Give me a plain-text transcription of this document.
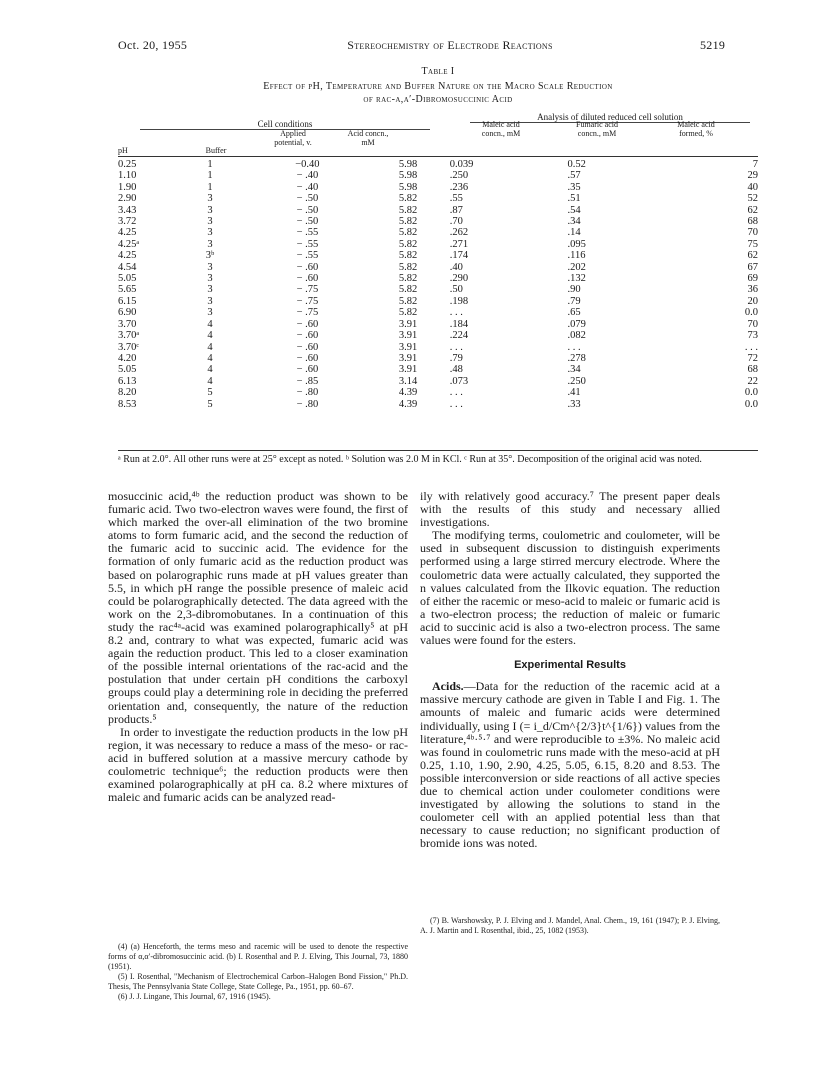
Oct. 20, 1955	Stereochemistry of Electrode Reactions	5219
Table I
Effect of pH, Temperature and Buffer Nature on the Macro Scale Reduction
of rac-α,α′-Dibromosuccinic Acid
Analysis of diluted reduced cell solution
Cell conditions
pH	Buffer
Applied potential, v.
Acid concn., mM
Maleic acid concn., mM
Fumaric acid concn., mM
Maleic acid formed, %
0.25	1	−0.40	5.98	0.039	0.52	7
1.10	1	− .40	5.98	.250	.57	29
1.90	1	− .40	5.98	.236	.35	40
2.90	3	− .50	5.82	.55	.51	52
3.43	3	− .50	5.82	.87	.54	62
3.72	3	− .50	5.82	.70	.34	68
4.25	3	− .55	5.82	.262	.14	70
4.25ᵃ	3	− .55	5.82	.271	.095	75
4.25	3ᵇ	− .55	5.82	.174	.116	62
4.54	3	− .60	5.82	.40	.202	67
5.05	3	− .60	5.82	.290	.132	69
5.65	3	− .75	5.82	.50	.90	36
6.15	3	− .75	5.82	.198	.79	20
6.90	3	− .75	5.82	. . .	.65	0.0
3.70	4	− .60	3.91	.184	.079	70
3.70ᵃ	4	− .60	3.91	.224	.082	73
3.70ᶜ	4	− .60	3.91	. . .	. . .	. . .
4.20	4	− .60	3.91	.79	.278	72
5.05	4	− .60	3.91	.48	.34	68
6.13	4	− .85	3.14	.073	.250	22
8.20	5	− .80	4.39	. . .	.41	0.0
8.53	5	− .80	4.39	. . .	.33	0.0
ᵃ Run at 2.0°. All other runs were at 25° except as noted. ᵇ Solution was 2.0 M in KCl. ᶜ Run at 35°. Decomposition of the original acid was noted.

mosuccinic acid,⁴ᵇ the reduction product was shown to be fumaric acid. Two two-electron waves were found, the first of which marked the over-all elimination of the two bromine atoms to form fumaric acid, and the second the reduction of the fumaric acid to succinic acid. The evidence for the formation of only fumaric acid as the reduction product was based on polarographic runs made at pH values greater than 5.5, in which pH range the possible presence of maleic acid could be polarographically detected. The data agreed with the work on the 2,3-dibromobutanes. In a continuation of this study the rac⁴ᵃ-acid was examined polarographically⁵ at pH 8.2 and, contrary to what was expected, fumaric acid was again the reduction product. This led to a closer examination of the possible internal orientations of the rac-acid and the postulation that under certain pH conditions the carboxyl groups could play a determining role in deciding the preferred orientation and, consequently, the nature of the reduction products.⁵

In order to investigate the reduction products in the low pH region, it was necessary to reduce a mass of the meso- or rac-acid in buffered solution at a massive mercury cathode by coulometric technique⁶; the reduction products were then examined polarographically at pH ca. 8.2 where mixtures of maleic and fumaric acids can be analyzed read-

(4) (a) Henceforth, the terms meso and racemic will be used to denote the respective forms of α,α′-dibromosuccinic acid. (b) I. Rosenthal and P. J. Elving, This Journal, 73, 1880 (1951).

(5) I. Rosenthal, "Mechanism of Electrochemical Carbon–Halogen Bond Fission," Ph.D. Thesis, The Pennsylvania State College, State College, Pa., 1951, pp. 60–67.

(6) J. J. Lingane, This Journal, 67, 1916 (1945).

ily with relatively good accuracy.⁷ The present paper deals with the results of this study and necessary allied investigations.

The modifying terms, coulometric and coulometer, will be used in subsequent discussion to distinguish experiments performed using a large stirred mercury electrode. Where the coulometric data were actually calculated, they supported the n values calculated from the Ilkovic equation. The reduction of either the racemic or meso-acid to maleic or fumaric acid is a two-electron process; the reduction of maleic or fumaric acid to succinic acid is also a two-electron process. The same values were found for the esters.

Experimental Results

Acids.—Data for the reduction of the racemic acid at a massive mercury cathode are given in Table I and Fig. 1. The amounts of maleic and fumaric acids were determined individually, using I (= i_d/Cm^{2/3}t^{1/6}) values from the literature,⁴ᵇ·⁵·⁷ and were reproducible to ±3%. No maleic acid was found in coulometric runs made with the meso-acid at pH 0.25, 1.10, 1.90, 2.90, 4.25, 5.05, 6.15, 8.20 and 8.53. The possible interconversion or side reactions of all active species due to chemical action under coulometer conditions were investigated by allowing the solutions to stand in the coulometer cell with an applied potential less than that necessary to cause reduction; no significant production of bromide ions was noted.

(7) B. Warshowsky, P. J. Elving and J. Mandel, Anal. Chem., 19, 161 (1947); P. J. Elving, A. J. Martin and I. Rosenthal, ibid., 25, 1082 (1953).
